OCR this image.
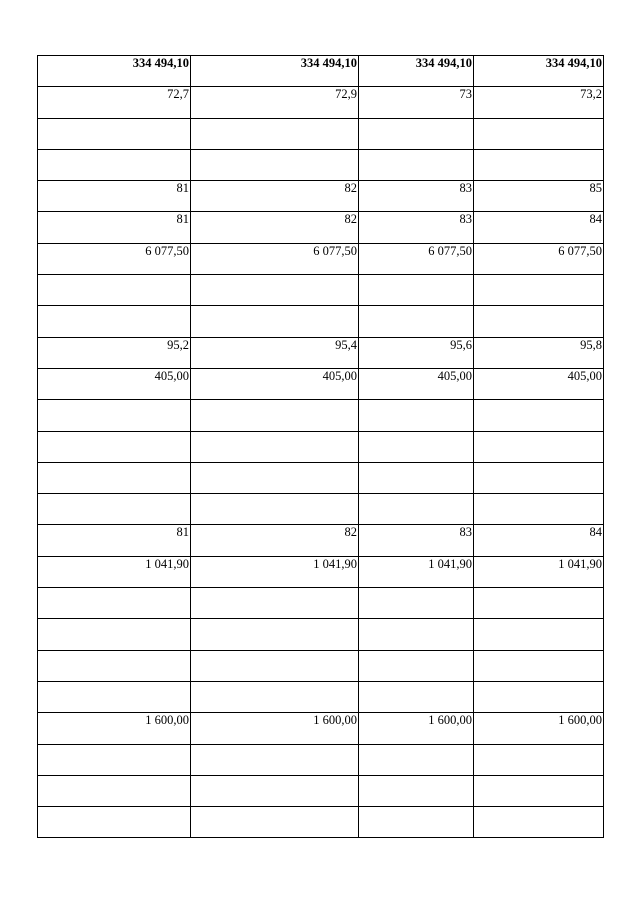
334 494,10	334 494,10	334 494,10	334 494,10
72,7	72,9	73	73,2

81	82	83	85
81	82	83	84
6 077,50	6 077,50	6 077,50	6 077,50

95,2	95,4	95,6	95,8
405,00	405,00	405,00	405,00

81	82	83	84
1 041,90	1 041,90	1 041,90	1 041,90

1 600,00	1 600,00	1 600,00	1 600,00
